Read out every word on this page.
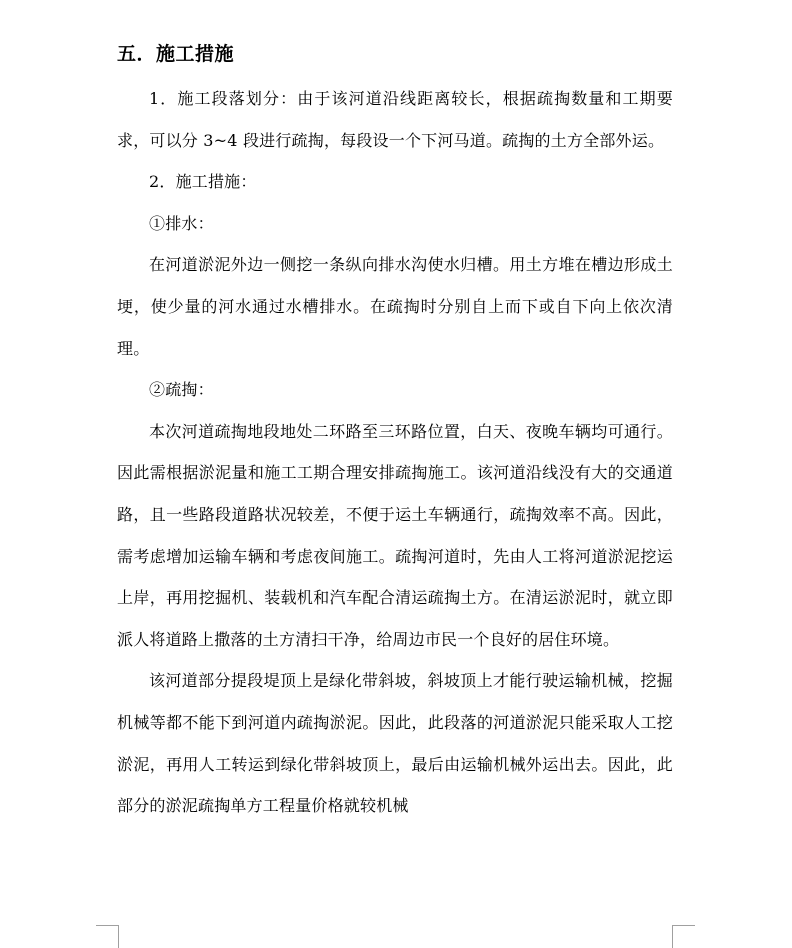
五．施工措施

1．施工段落划分：由于该河道沿线距离较长，根据疏掏数量和工期要求，可以分 3~4 段进行疏掏，每段设一个下河马道。疏掏的土方全部外运。

2．施工措施：

①排水：

在河道淤泥外边一侧挖一条纵向排水沟使水归槽。用土方堆在槽边形成土埂，使少量的河水通过水槽排水。在疏掏时分别自上而下或自下向上依次清理。

②疏掏：

本次河道疏掏地段地处二环路至三环路位置，白天、夜晚车辆均可通行。因此需根据淤泥量和施工工期合理安排疏掏施工。该河道沿线没有大的交通道路，且一些路段道路状况较差，不便于运土车辆通行，疏掏效率不高。因此，需考虑增加运输车辆和考虑夜间施工。疏掏河道时，先由人工将河道淤泥挖运上岸，再用挖掘机、装载机和汽车配合清运疏掏土方。在清运淤泥时，就立即派人将道路上撒落的土方清扫干净，给周边市民一个良好的居住环境。

该河道部分提段堤顶上是绿化带斜坡，斜坡顶上才能行驶运输机械，挖掘机械等都不能下到河道内疏掏淤泥。因此，此段落的河道淤泥只能采取人工挖淤泥，再用人工转运到绿化带斜坡顶上，最后由运输机械外运出去。因此，此部分的淤泥疏掏单方工程量价格就较机械
